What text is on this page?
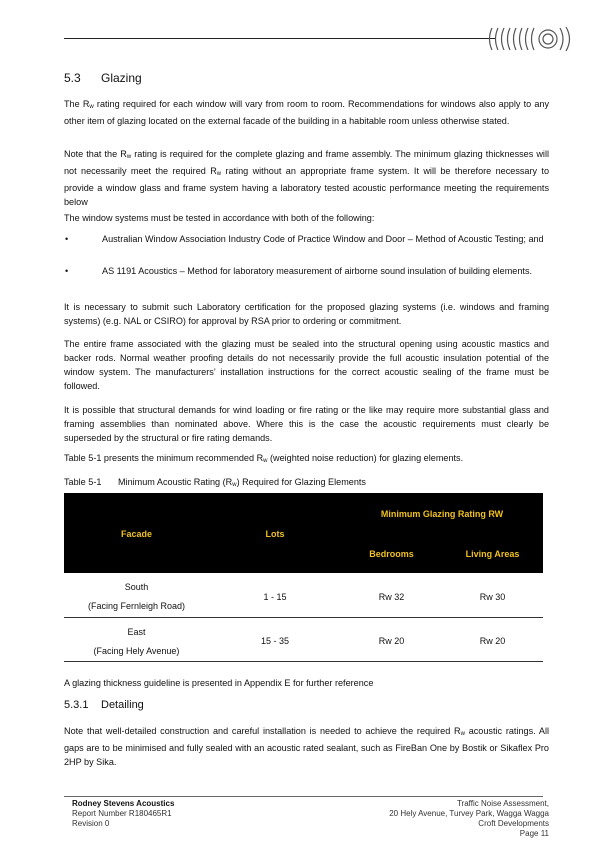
5.3 Glazing

The $R_w$ rating required for each window will vary from room to room. Recommendations for windows also apply to any other item of glazing located on the external facade of the building in a habitable room unless otherwise stated.

Note that the $R_w$ rating is required for the complete glazing and frame assembly. The minimum glazing thicknesses will not necessarily meet the required $R_w$ rating without an appropriate frame system. It will be therefore necessary to provide a window glass and frame system having a laboratory tested acoustic performance meeting the requirements below

The window systems must be tested in accordance with both of the following:

•	Australian Window Association Industry Code of Practice Window and Door – Method of Acoustic Testing; and
•	AS 1191 Acoustics – Method for laboratory measurement of airborne sound insulation of building elements.

It is necessary to submit such Laboratory certification for the proposed glazing systems (i.e. windows and framing systems) (e.g. NAL or CSIRO) for approval by RSA prior to ordering or commitment.

The entire frame associated with the glazing must be sealed into the structural opening using acoustic mastics and backer rods. Normal weather proofing details do not necessarily provide the full acoustic insulation potential of the window system. The manufacturers’ installation instructions for the correct acoustic sealing of the frame must be followed.

It is possible that structural demands for wind loading or fire rating or the like may require more substantial glass and framing assemblies than nominated above. Where this is the case the acoustic requirements must clearly be superseded by the structural or fire rating demands.

Table 5-1 presents the minimum recommended $R_w$ (weighted noise reduction) for glazing elements.

Table 5-1 Minimum Acoustic Rating $(R_w)$ Required for Glazing Elements
Facade	Lots
Minimum Glazing Rating RW
Bedrooms	Living Areas
South
(Facing Fernleigh Road)
1 - 15	Rw 32	Rw 30
East
(Facing Hely Avenue)
15 - 35	Rw 20	Rw 20

A glazing thickness guideline is presented in Appendix E for further reference

5.3.1 Detailing

Note that well-detailed construction and careful installation is needed to achieve the required $R_w$ acoustic ratings. All gaps are to be minimised and fully sealed with an acoustic rated sealant, such as FireBan One by Bostik or Sikaflex Pro 2HP by Sika.

Rodney Stevens Acoustics
Report Number R180465R1
Revision 0
Traffic Noise Assessment,
20 Hely Avenue, Turvey Park, Wagga Wagga
Croft Developments
Page 11
